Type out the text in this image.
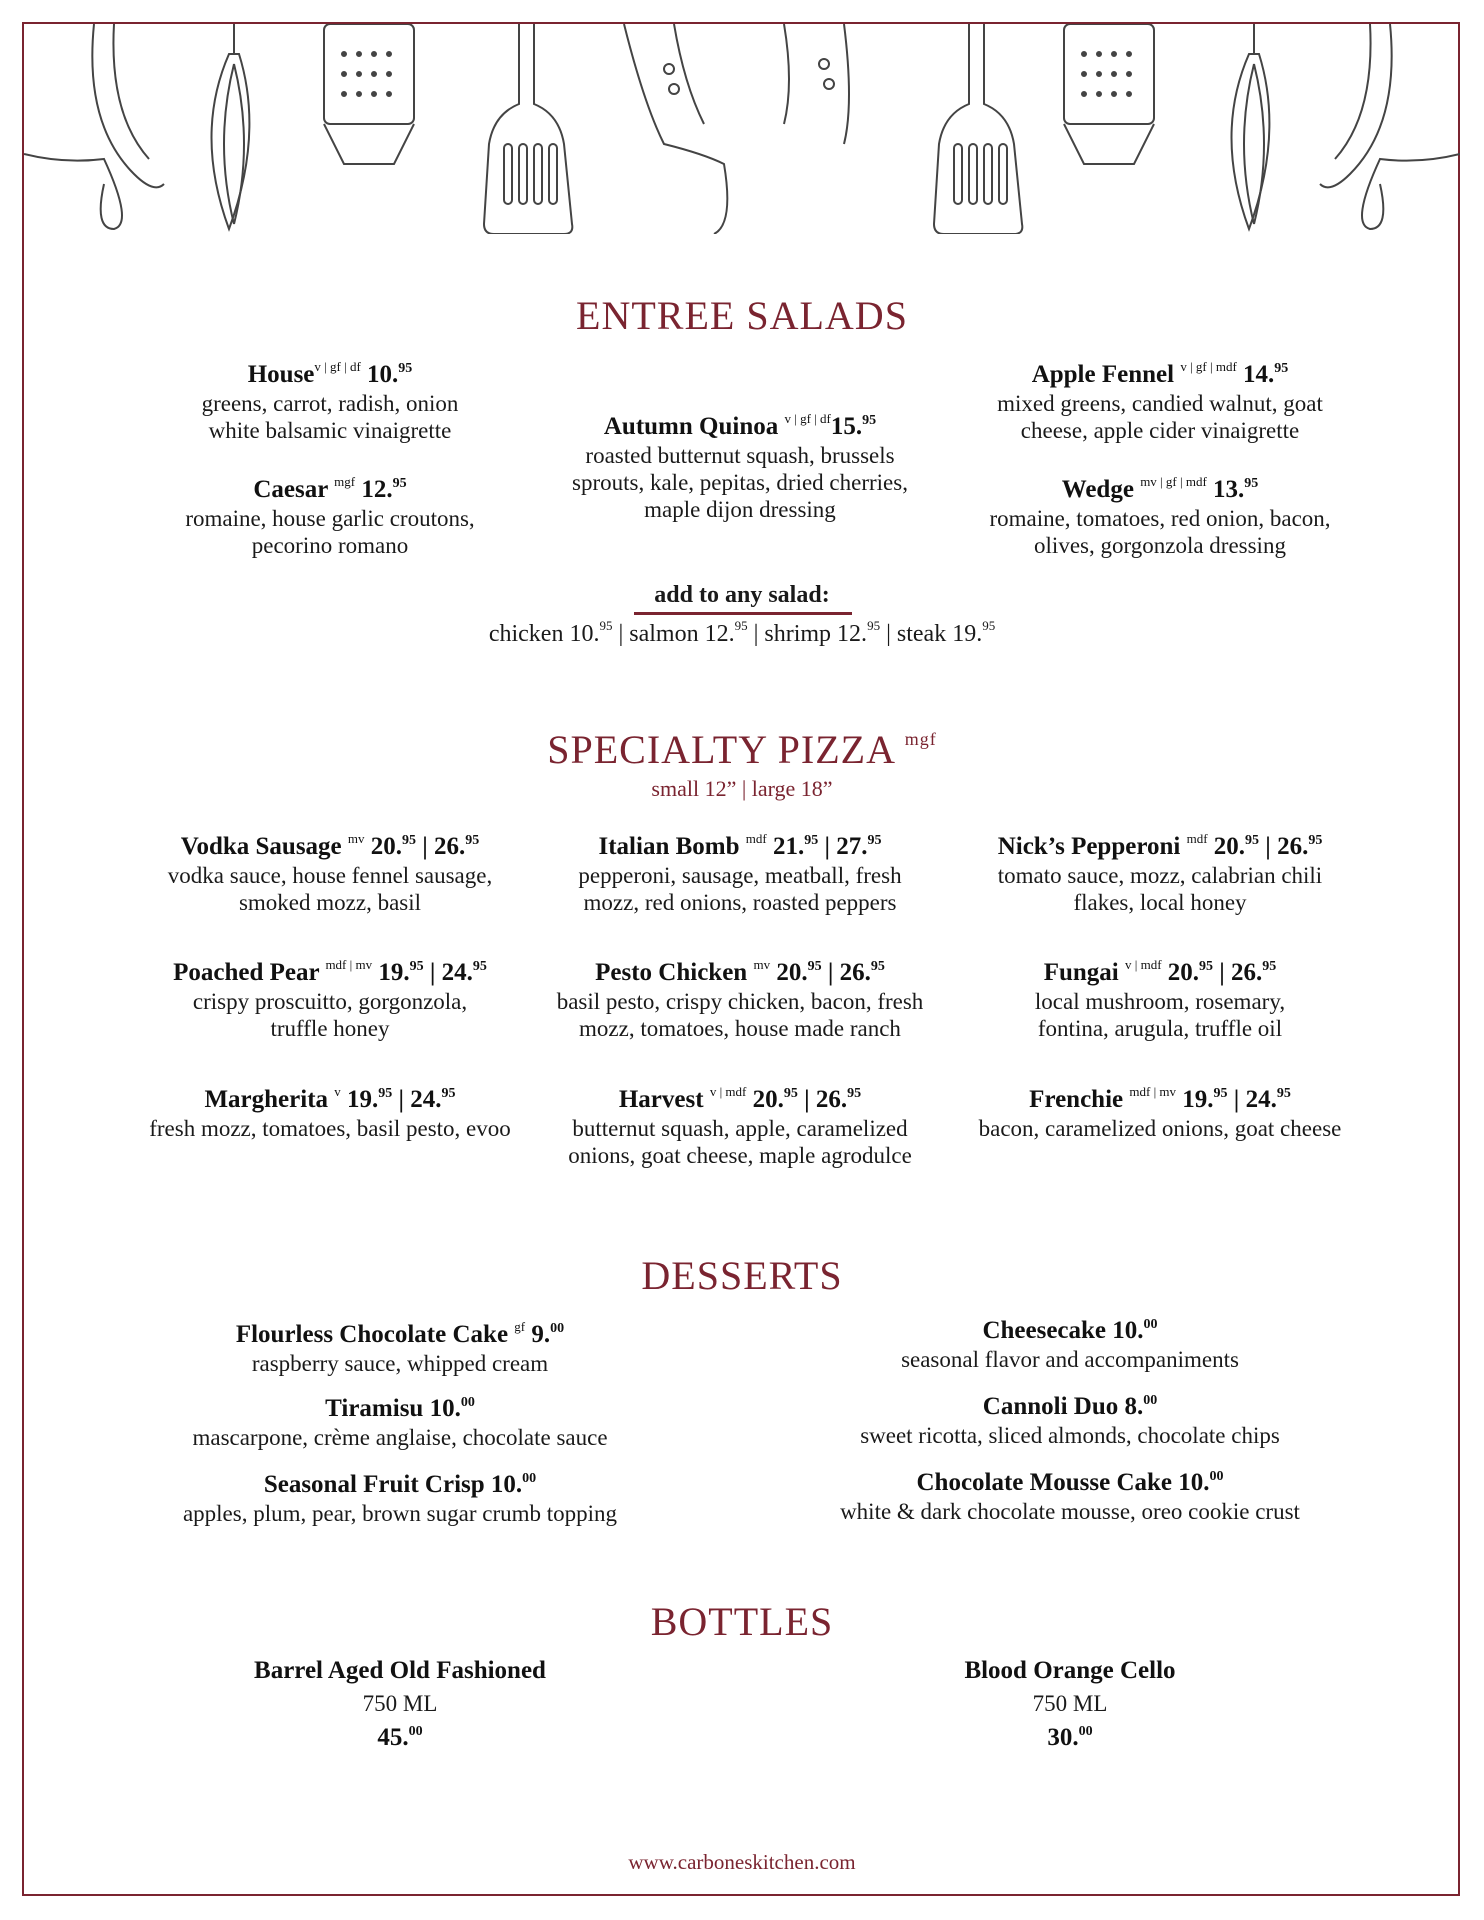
ENTREE SALADS
House$^{v | gf | df}$ 10.95
greens, carrot, radish, onion
white balsamic vinaigrette
Caesar $^{mgf}$ 12.95
romaine, house garlic croutons,
pecorino romano
Autumn Quinoa $^{v | gf | df}$15.95
roasted butternut squash, brussels
sprouts, kale, pepitas, dried cherries,
maple dijon dressing
Apple Fennel $^{v | gf | mdf}$ 14.95
mixed greens, candied walnut, goat
cheese, apple cider vinaigrette
Wedge $^{mv | gf | mdf}$ 13.95
romaine, tomatoes, red onion, bacon,
olives, gorgonzola dressing
add to any salad:
chicken 10.95 | salmon 12.95 | shrimp 12.95 | steak 19.95
SPECIALTY PIZZA $^{mgf}$
small 12” | large 18”
Vodka Sausage $^{mv}$ 20.95 | 26.95
vodka sauce, house fennel sausage,
smoked mozz, basil
Italian Bomb $^{mdf}$ 21.95 | 27.95
pepperoni, sausage, meatball, fresh
mozz, red onions, roasted peppers
Nick’s Pepperoni $^{mdf}$ 20.95 | 26.95
tomato sauce, mozz, calabrian chili
flakes, local honey
Poached Pear $^{mdf | mv}$ 19.95 | 24.95
crispy proscuitto, gorgonzola,
truffle honey
Pesto Chicken $^{mv}$ 20.95 | 26.95
basil pesto, crispy chicken, bacon, fresh
mozz, tomatoes, house made ranch
Fungai $^{v | mdf}$ 20.95 | 26.95
local mushroom, rosemary,
fontina, arugula, truffle oil
Margherita $^v$ 19.95 | 24.95
fresh mozz, tomatoes, basil pesto, evoo
Harvest $^{v | mdf}$ 20.95 | 26.95
butternut squash, apple, caramelized
onions, goat cheese, maple agrodulce
Frenchie $^{mdf | mv}$ 19.95 | 24.95
bacon, caramelized onions, goat cheese
DESSERTS
Flourless Chocolate Cake $^{gf}$ 9.00
raspberry sauce, whipped cream
Tiramisu 10.00
mascarpone, crème anglaise, chocolate sauce
Seasonal Fruit Crisp 10.00
apples, plum, pear, brown sugar crumb topping
Cheesecake 10.00
seasonal flavor and accompaniments
Cannoli Duo 8.00
sweet ricotta, sliced almonds, chocolate chips
Chocolate Mousse Cake 10.00
white & dark chocolate mousse, oreo cookie crust
BOTTLES
Barrel Aged Old Fashioned
750 ML
45.00
Blood Orange Cello
750 ML
30.00
www.carboneskitchen.com
